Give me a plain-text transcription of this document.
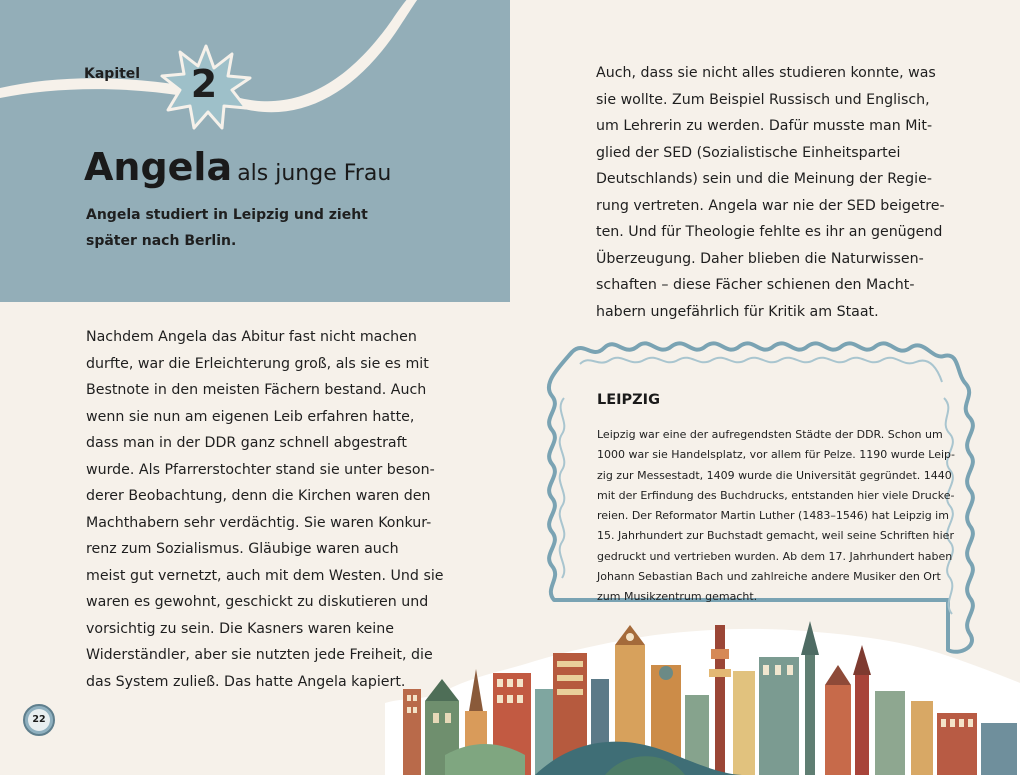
Kapitel	2
Angela als junge Frau
Angela studiert in Leipzig und zieht
später nach Berlin.
Nachdem Angela das Abitur fast nicht machen
durfte, war die Erleichterung groß, als sie es mit
Bestnote in den meisten Fächern bestand. Auch
wenn sie nun am eigenen Leib erfahren hatte,
dass man in der DDR ganz schnell abgestraft
wurde. Als Pfarrerstochter stand sie unter beson-
derer Beobachtung, denn die Kirchen waren den
Machthabern sehr verdächtig. Sie waren Konkur-
renz zum Sozialismus. Gläubige waren auch
meist gut vernetzt, auch mit dem Westen. Und sie
waren es gewohnt, geschickt zu diskutieren und
vorsichtig zu sein. Die Kasners waren keine
Widerständler, aber sie nutzten jede Freiheit, die
das System zuließ. Das hatte Angela kapiert.
Auch, dass sie nicht alles studieren konnte, was
sie wollte. Zum Beispiel Russisch und Englisch,
um Lehrerin zu werden. Dafür musste man Mit-
glied der SED (Sozialistische Einheitspartei
Deutschlands) sein und die Meinung der Regie-
rung vertreten. Angela war nie der SED beigetre-
ten. Und für Theologie fehlte es ihr an genügend
Überzeugung. Daher blieben die Naturwissen-
schaften – diese Fächer schienen den Macht-
habern ungefährlich für Kritik am Staat.
LEIPZIG
Leipzig war eine der aufregendsten Städte der DDR. Schon um
1000 war sie Handelsplatz, vor allem für Pelze. 1190 wurde Leip-
zig zur Messestadt, 1409 wurde die Universität gegründet. 1440
mit der Erfindung des Buchdrucks, entstanden hier viele Drucke-
reien. Der Reformator Martin Luther (1483–1546) hat Leipzig im
15. Jahrhundert zur Buchstadt gemacht, weil seine Schriften hier
gedruckt und vertrieben wurden. Ab dem 17. Jahrhundert haben
Johann Sebastian Bach und zahlreiche andere Musiker den Ort
zum Musikzentrum gemacht.
22
